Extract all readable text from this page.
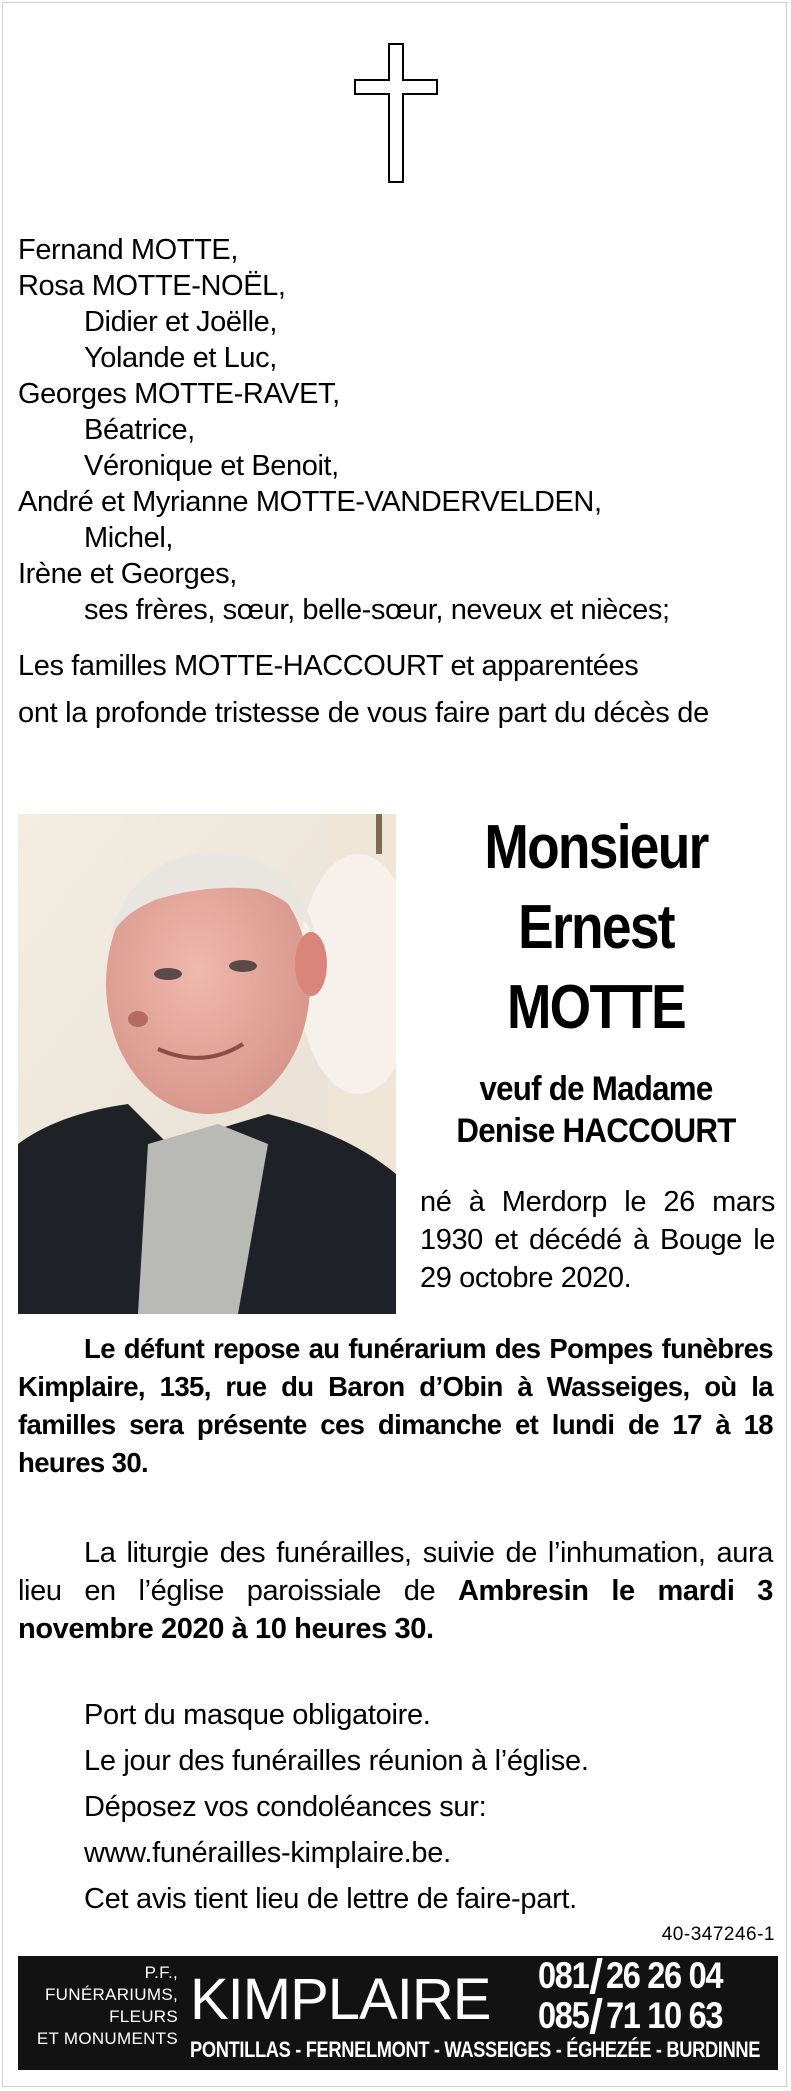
Fernand MOTTE,
Rosa MOTTE-NOËL,
Didier et Joëlle,
Yolande et Luc,
Georges MOTTE-RAVET,
Béatrice,
Véronique et Benoit,
André et Myrianne MOTTE-VANDERVELDEN,
Michel,
Irène et Georges,
ses frères, sœur, belle-sœur, neveux et nièces;
Les familles MOTTE-HACCOURT et apparentées
ont la profonde tristesse de vous faire part du décès de
Monsieur
Ernest
MOTTE
veuf de Madame
Denise HACCOURT
né à Merdorp le 26 mars 1930 et décédé à Bouge le 29 octobre 2020.
Le défunt repose au funérarium des Pompes funèbres Kimplaire, 135, rue du Baron d’Obin à Wasseiges, où la familles sera présente ces dimanche et lundi de 17 à 18 heures 30.
La liturgie des funérailles, suivie de l’inhumation, aura lieu en l’église paroissiale de Ambresin le mardi 3 novembre 2020 à 10 heures 30.
Port du masque obligatoire.
Le jour des funérailles réunion à l’église.
Déposez vos condoléances sur:
www.funérailles-kimplaire.be.
Cet avis tient lieu de lettre de faire-part.
40-347246-1
P.F.,
FUNÉRARIUMS,
FLEURS
ET MONUMENTS
KIMPLAIRE 081 26 26 04
085 71 10 63
PONTILLAS - FERNELMONT - WASSEIGES - ÉGHEZÉE - BURDINNE
